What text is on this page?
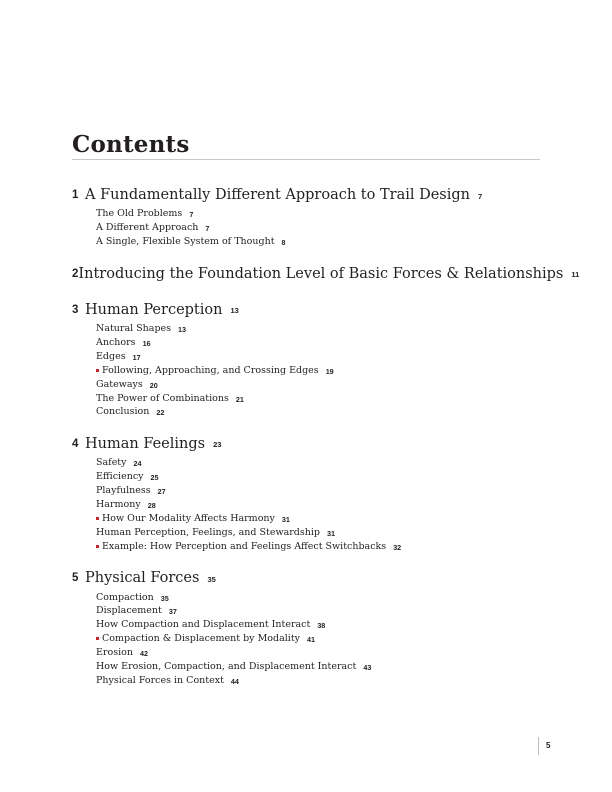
Contents
1 A Fundamentally Different Approach to Trail Design 7
The Old Problems 7
A Different Approach 7
A Single, Flexible System of Thought 8
2 Introducing the Foundation Level of Basic Forces & Relationships 11
3 Human Perception 13
Natural Shapes 13
Anchors 16
Edges 17
Following, Approaching, and Crossing Edges 19
Gateways 20
The Power of Combinations 21
Conclusion 22
4 Human Feelings 23
Safety 24
Efficiency 25
Playfulness 27
Harmony 28
How Our Modality Affects Harmony 31
Human Perception, Feelings, and Stewardship 31
Example: How Perception and Feelings Affect Switchbacks 32
5 Physical Forces 35
Compaction 35
Displacement 37
How Compaction and Displacement Interact 38
Compaction & Displacement by Modality 41
Erosion 42
How Erosion, Compaction, and Displacement Interact 43
Physical Forces in Context 44
5
